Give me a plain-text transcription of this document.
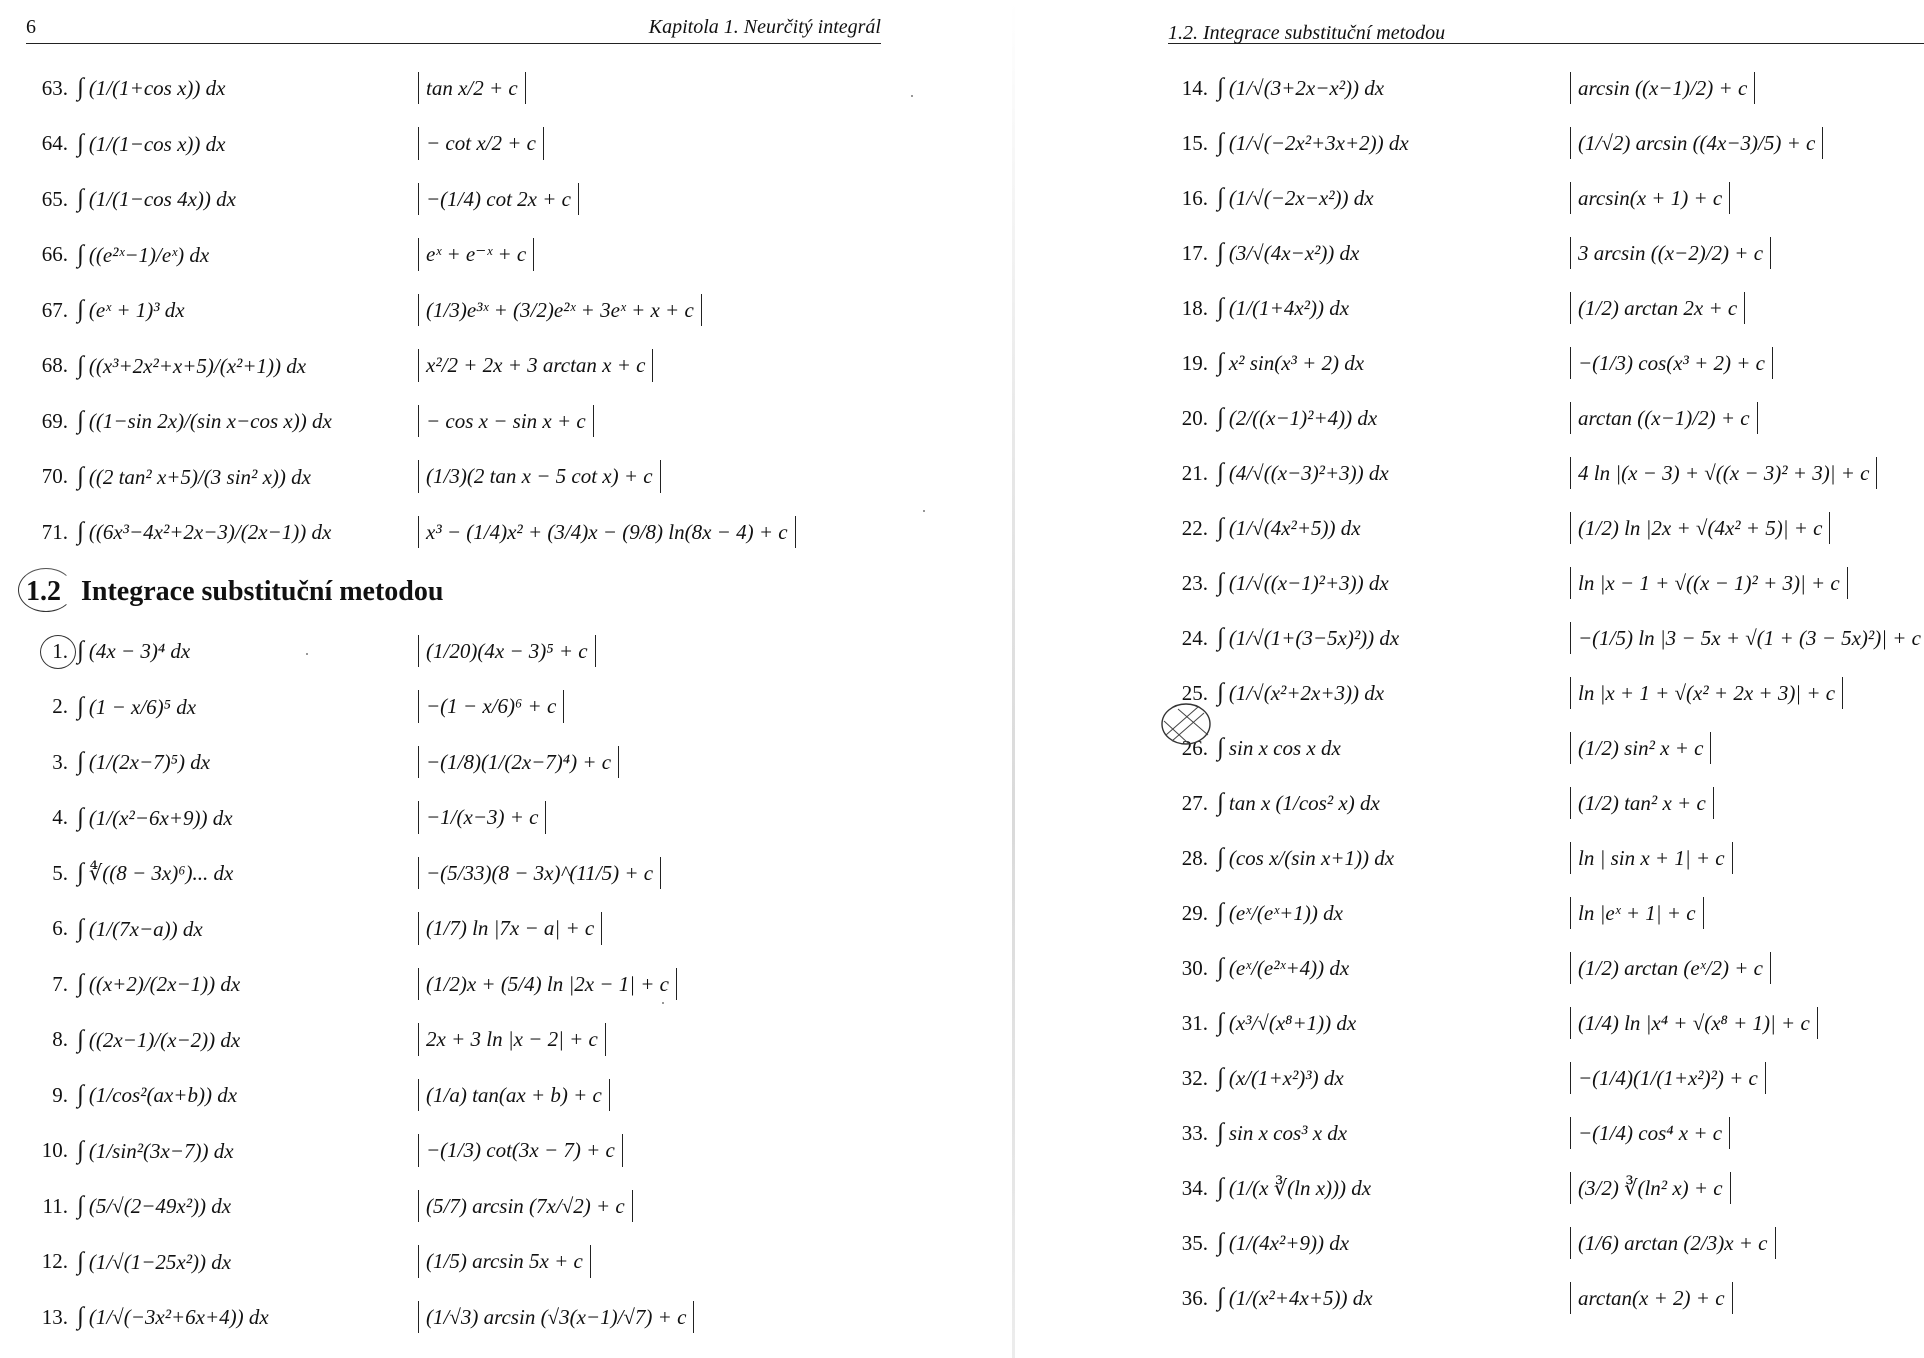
6	Kapitola 1. Neurčitý integrál
63. ∫ (1/(1+cos x)) dx	tan x/2 + c
64. ∫ (1/(1−cos x)) dx	− cot x/2 + c
65. ∫ (1/(1−cos 4x)) dx	−(1/4) cot 2x + c
66. ∫ ((e²ˣ−1)/eˣ) dx	eˣ + e⁻ˣ + c
67. ∫ (eˣ + 1)³ dx	(1/3)e³ˣ + (3/2)e²ˣ + 3eˣ + x + c
68. ∫ ((x³+2x²+x+5)/(x²+1)) dx	x²/2 + 2x + 3 arctan x + c
69. ∫ ((1−sin 2x)/(sin x−cos x)) dx	− cos x − sin x + c
70. ∫ ((2 tan² x+5)/(3 sin² x)) dx	(1/3)(2 tan x − 5 cot x) + c
71. ∫ ((6x³−4x²+2x−3)/(2x−1)) dx	x³ − (1/4)x² + (3/4)x − (9/8) ln(8x − 4) + c
1.2 Integrace substituční metodou
1. ∫ (4x − 3)⁴ dx	(1/20)(4x − 3)⁵ + c
2. ∫ (1 − x/6)⁵ dx	−(1 − x/6)⁶ + c
3. ∫ (1/(2x−7)⁵) dx	−(1/8)(1/(2x−7)⁴) + c
4. ∫ (1/(x²−6x+9)) dx	−1/(x−3) + c
5. ∫ ∜((8 − 3x)⁶)... dx	−(5/33)(8 − 3x)^(11/5) + c
6. ∫ (1/(7x−a)) dx	(1/7) ln |7x − a| + c
7. ∫ ((x+2)/(2x−1)) dx	(1/2)x + (5/4) ln |2x − 1| + c
8. ∫ ((2x−1)/(x−2)) dx	2x + 3 ln |x − 2| + c
9. ∫ (1/cos²(ax+b)) dx	(1/a) tan(ax + b) + c
10. ∫ (1/sin²(3x−7)) dx	−(1/3) cot(3x − 7) + c
11. ∫ (5/√(2−49x²)) dx	(5/7) arcsin (7x/√2) + c
12. ∫ (1/√(1−25x²)) dx	(1/5) arcsin 5x + c
13. ∫ (1/√(−3x²+6x+4)) dx	(1/√3) arcsin (√3(x−1)/√7) + c
1.2. Integrace substituční metodou
14. ∫ (1/√(3+2x−x²)) dx	arcsin ((x−1)/2) + c
15. ∫ (1/√(−2x²+3x+2)) dx	(1/√2) arcsin ((4x−3)/5) + c
16. ∫ (1/√(−2x−x²)) dx	arcsin(x + 1) + c
17. ∫ (3/√(4x−x²)) dx	3 arcsin ((x−2)/2) + c
18. ∫ (1/(1+4x²)) dx	(1/2) arctan 2x + c
19. ∫ x² sin(x³ + 2) dx	−(1/3) cos(x³ + 2) + c
20. ∫ (2/((x−1)²+4)) dx	arctan ((x−1)/2) + c
21. ∫ (4/√((x−3)²+3)) dx	4 ln |(x − 3) + √((x − 3)² + 3)| + c
22. ∫ (1/√(4x²+5)) dx	(1/2) ln |2x + √(4x² + 5)| + c
23. ∫ (1/√((x−1)²+3)) dx	ln |x − 1 + √((x − 1)² + 3)| + c
24. ∫ (1/√(1+(3−5x)²)) dx	−(1/5) ln |3 − 5x + √(1 + (3 − 5x)²)| + c
25. ∫ (1/√(x²+2x+3)) dx	ln |x + 1 + √(x² + 2x + 3)| + c
26. ∫ sin x cos x dx	(1/2) sin² x + c
27. ∫ tan x (1/cos² x) dx	(1/2) tan² x + c
28. ∫ (cos x/(sin x+1)) dx	ln | sin x + 1| + c
29. ∫ (eˣ/(eˣ+1)) dx	ln |eˣ + 1| + c
30. ∫ (eˣ/(e²ˣ+4)) dx	(1/2) arctan (eˣ/2) + c
31. ∫ (x³/√(x⁸+1)) dx	(1/4) ln |x⁴ + √(x⁸ + 1)| + c
32. ∫ (x/(1+x²)³) dx	−(1/4)(1/(1+x²)²) + c
33. ∫ sin x cos³ x dx	−(1/4) cos⁴ x + c
34. ∫ (1/(x ∛(ln x))) dx	(3/2) ∛(ln² x) + c
35. ∫ (1/(4x²+9)) dx	(1/6) arctan (2/3)x + c
36. ∫ (1/(x²+4x+5)) dx	arctan(x + 2) + c
